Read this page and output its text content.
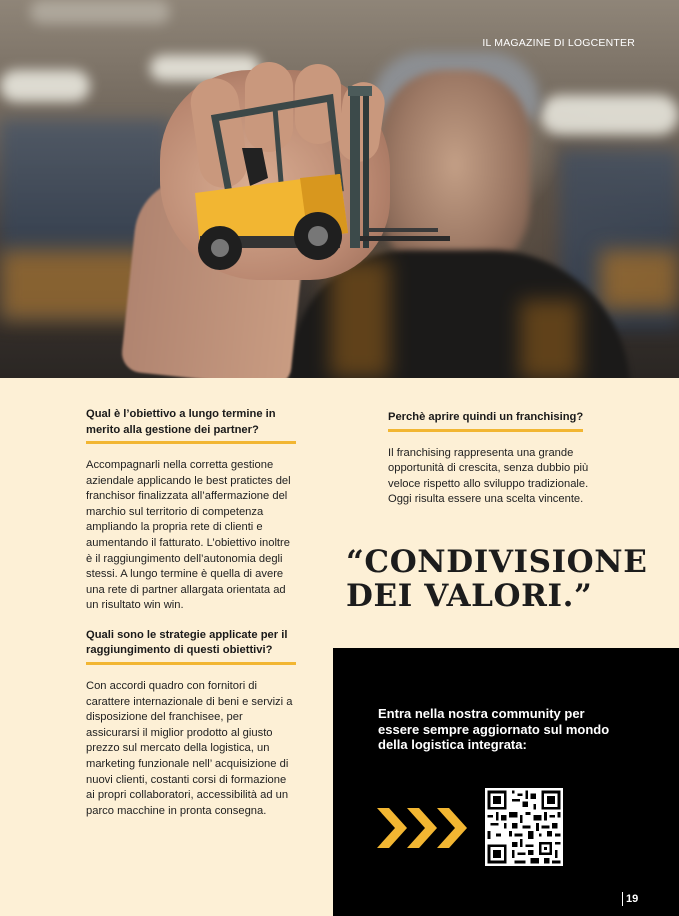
IL MAGAZINE DI LOGCENTER
Qual è l’obiettivo a lungo termine in merito alla gestione dei partner?

Accompagnarli nella corretta gestione aziendale applicando le best pratictes del franchisor finalizzata all’affermazione del marchio sul territorio di competenza ampliando la propria rete di clienti e aumentando il fatturato. L’obiettivo inoltre è il raggiungimento dell’autonomia degli stessi. A lungo termine è quella di avere una rete di partner allargata orientata ad un risultato win win.

Quali sono le strategie applicate per il raggiungimento di questi obiettivi?

Con accordi quadro con fornitori di carattere internazionale di beni e servizi a disposizione del franchisee, per assicurarsi il miglior prodotto al giusto prezzo sul mercato della logistica, un marketing funzionale nell’ acquisizione di nuovi clienti, costanti corsi di formazione ai propri collaboratori, accessibilità ad un parco macchine in pronta consegna.

Perchè aprire quindi un franchising?

Il franchising rappresenta una grande opportunità di crescita, senza dubbio più veloce rispetto allo sviluppo tradizionale. Oggi risulta essere una scelta vincente.

“CONDIVISIONE DEI VALORI.”
Entra nella nostra community per essere sempre aggiornato sul mondo della logistica integrata:
19
